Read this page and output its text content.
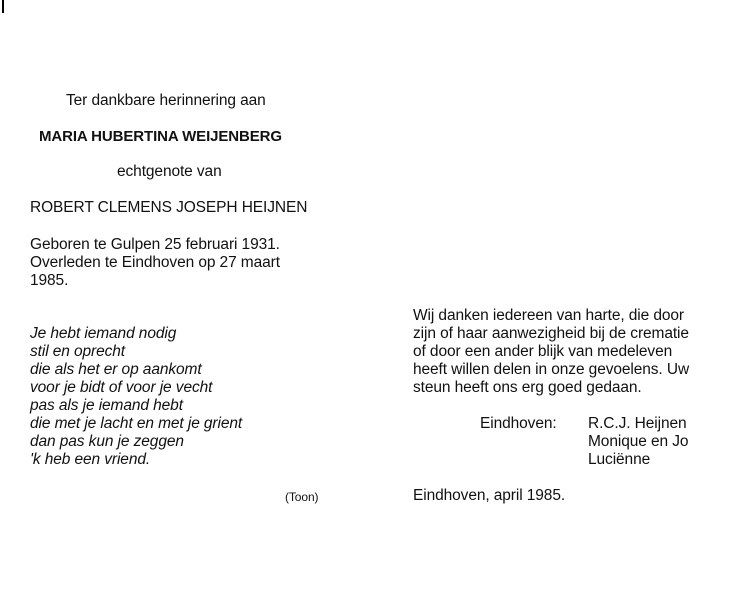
Ter dankbare herinnering aan
MARIA HUBERTINA WEIJENBERG
echtgenote van
ROBERT CLEMENS JOSEPH HEIJNEN
Geboren te Gulpen 25 februari 1931.
Overleden te Eindhoven op 27 maart
1985.
Je hebt iemand nodig
stil en oprecht
die als het er op aankomt
voor je bidt of voor je vecht
pas als je iemand hebt
die met je lacht en met je grient
dan pas kun je zeggen
'k heb een vriend.
(Toon)
Wij danken iedereen van harte, die door
zijn of haar aanwezigheid bij de crematie
of door een ander blijk van medeleven
heeft willen delen in onze gevoelens. Uw
steun heeft ons erg goed gedaan.
Eindhoven: R.C.J. Heijnen
Monique en Jo
Luciënne
Eindhoven, april 1985.
